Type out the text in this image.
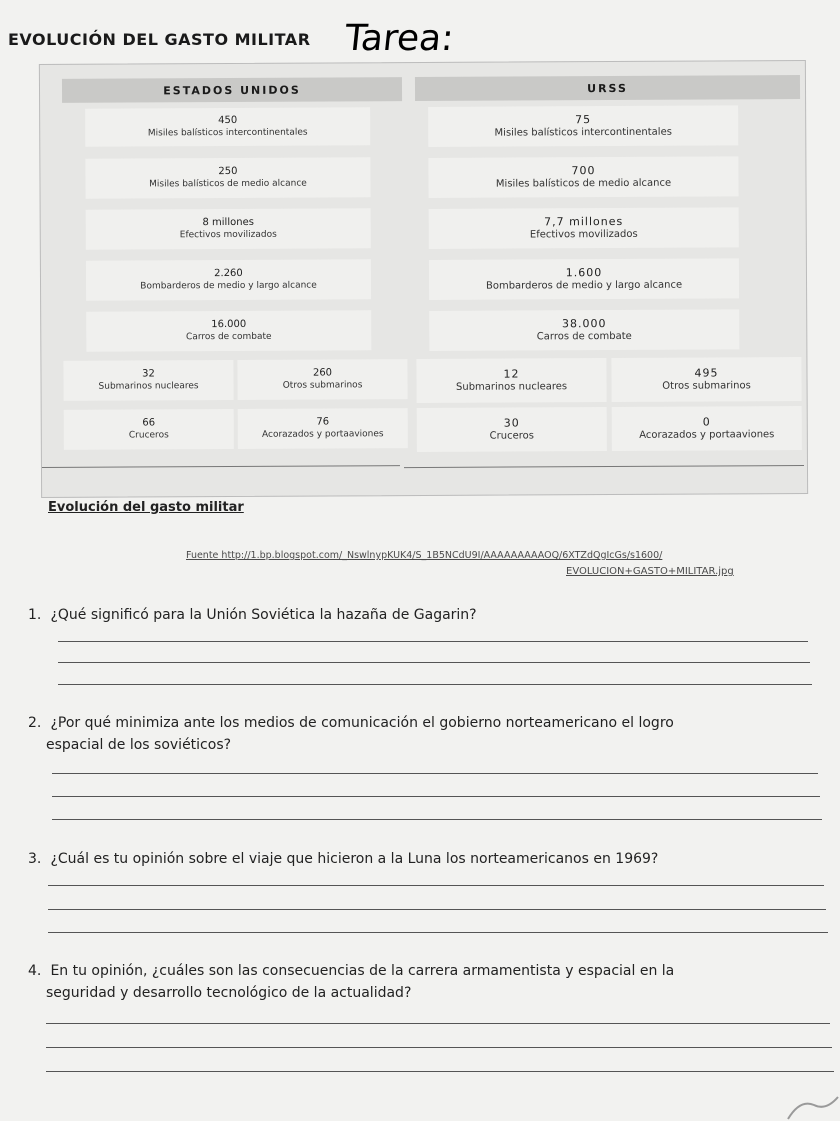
EVOLUCIÓN DEL GASTO MILITAR Tarea:
ESTADOS UNIDOS	URSS
450
Misiles balísticos intercontinentales
250
Misiles balísticos de medio alcance
8 millones
Efectivos movilizados
2.260
Bombarderos de medio y largo alcance
16.000
Carros de combate
32
Submarinos nucleares
260
Otros submarinos
66
Cruceros
76
Acorazados y portaaviones
75
Misiles balísticos intercontinentales
700
Misiles balísticos de medio alcance
7,7 millones
Efectivos movilizados
1.600
Bombarderos de medio y largo alcance
38.000
Carros de combate
12
Submarinos nucleares
495
Otros submarinos
30
Cruceros
0
Acorazados y portaaviones
Evolución del gasto militar
Fuente http://1.bp.blogspot.com/_NswlnypKUK4/S_1B5NCdU9I/AAAAAAAAAOQ/6XTZdQgIcGs/s1600/
EVOLUCION+GASTO+MILITAR.jpg
1. ¿Qué significó para la Unión Soviética la hazaña de Gagarin?
2. ¿Por qué minimiza ante los medios de comunicación el gobierno norteamericano el logro
espacial de los soviéticos?
3. ¿Cuál es tu opinión sobre el viaje que hicieron a la Luna los norteamericanos en 1969?
4. En tu opinión, ¿cuáles son las consecuencias de la carrera armamentista y espacial en la
seguridad y desarrollo tecnológico de la actualidad?
